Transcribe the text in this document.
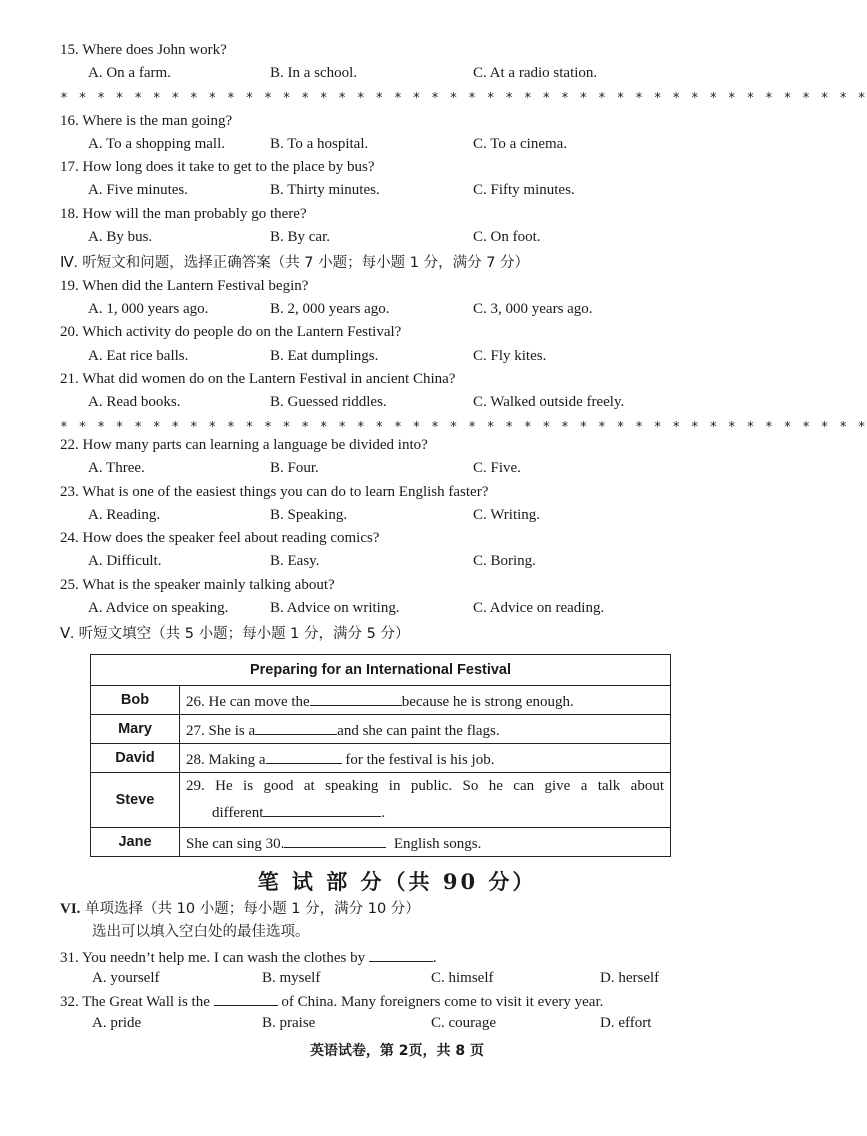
15. Where does John work?
A. On a farm.	B. In a school.	C. At a radio station.
* * * * * * * * * * * * * * * * * * * * * * * * * * * * * * * * * * * * * * * * * * * *
16. Where is the man going?
A. To a shopping mall.	B. To a hospital.	C. To a cinema.
17. How long does it take to get to the place by bus?
A. Five minutes.	B. Thirty minutes.	C. Fifty minutes.
18. How will the man probably go there?
A. By bus.	B. By car.	C. On foot.
Ⅳ. 听短文和问题，选择正确答案（共 7 小题；每小题 1 分，满分 7 分）
19. When did the Lantern Festival begin?
A. 1, 000 years ago.	B. 2, 000 years ago.	C. 3, 000 years ago.
20. Which activity do people do on the Lantern Festival?
A. Eat rice balls.	B. Eat dumplings.	C. Fly kites.
21. What did women do on the Lantern Festival in ancient China?
A. Read books.	B. Guessed riddles.	C. Walked outside freely.
* * * * * * * * * * * * * * * * * * * * * * * * * * * * * * * * * * * * * * * * * * * *
22. How many parts can learning a language be divided into?
A. Three.	B. Four.	C. Five.
23. What is one of the easiest things you can do to learn English faster?
A. Reading.	B. Speaking.	C. Writing.
24. How does the speaker feel about reading comics?
A. Difficult.	B. Easy.	C. Boring.
25. What is the speaker mainly talking about?
A. Advice on speaking.	B. Advice on writing.	C. Advice on reading.
Ⅴ. 听短文填空（共 5 小题；每小题 1 分，满分 5 分）
Preparing for an International Festival	
Bob	26. He can move the because he is strong enough.
Mary	27. She is a and she can paint the flags.
David	28. Making a for the festival is his job.
Steve	29. He is good at speaking in public. So he can give a talk about
different .

Jane	She can sing 30. English songs.
笔 试 部 分（共 90 分）
VI. 单项选择（共 10 小题；每小题 1 分，满分 10 分）
选出可以填入空白处的最佳选项。
31. You needn’t help me. I can wash the clothes by	.
A. yourself	B. myself	C. himself	D. herself
32. The Great Wall is the	of China. Many foreigners come to visit it every year.
A. pride	B. praise	C. courage	D. effort
英语试卷，第 2页，共 8 页
